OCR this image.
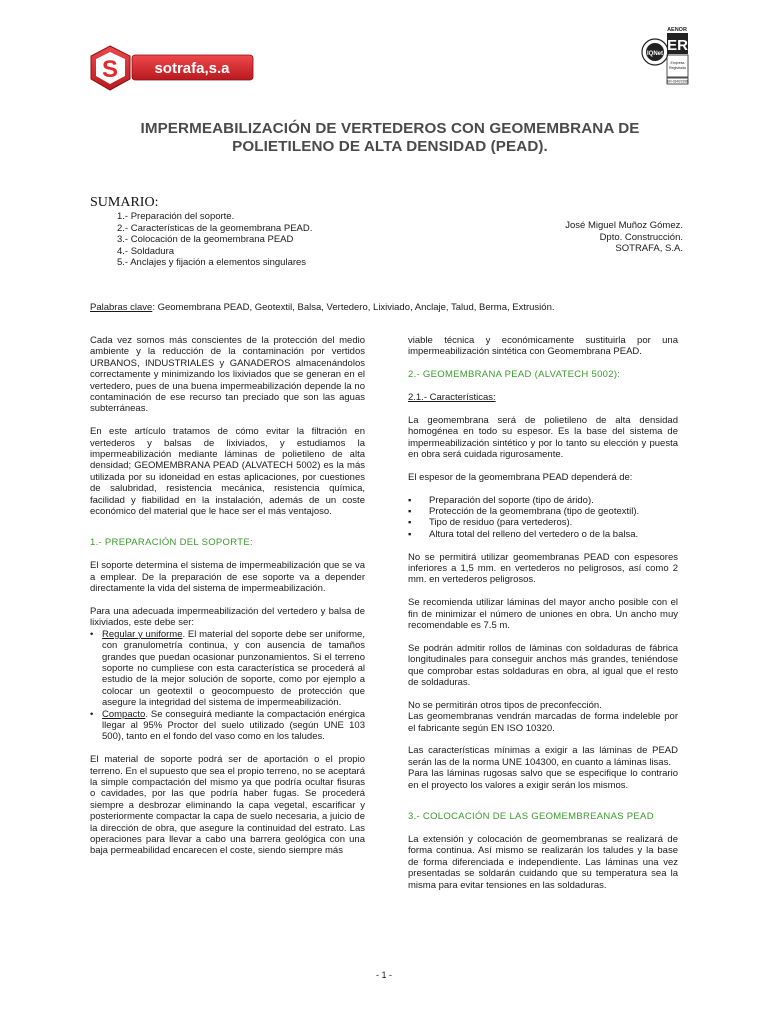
S sotrafa,s.a
IQNet
AENOR
ER
Empresa
Registrada
ER-0340/1998
IMPERMEABILIZACIÓN DE VERTEDEROS CON GEOMEMBRANA DE POLIETILENO DE ALTA DENSIDAD (PEAD).
SUMARIO:
1.- Preparación del soporte.
2.- Características de la geomembrana PEAD.
3.- Colocación de la geomembrana PEAD
4.- Soldadura
5.- Anclajes y fijación a elementos singulares
José Miguel Muñoz Gómez.
Dpto. Construcción.
SOTRAFA, S.A.
Palabras clave: Geomembrana PEAD, Geotextil, Balsa, Vertedero, Lixiviado, Anclaje, Talud, Berma, Extrusión.

Cada vez somos más conscientes de la protección del medio ambiente y la reducción de la contaminación por vertidos URBANOS, INDUSTRIALES y GANADEROS almacenándolos correctamente y minimizando los lixiviados que se generan en el vertedero, pues de una buena impermeabilización depende la no contaminación de ese recurso tan preciado que son las aguas subterráneas.

En este artículo tratamos de cómo evitar la filtración en vertederos y balsas de lixiviados, y estudiamos la impermeabilización mediante láminas de polietileno de alta densidad; GEOMEMBRANA PEAD (ALVATECH 5002) es la más utilizada por su idoneidad en estas aplicaciones, por cuestiones de salubridad, resistencia mecánica, resistencia química, facilidad y fiabilidad en la instalación, además de un coste económico del material que le hace ser el más ventajoso.

1.- PREPARACIÓN DEL SOPORTE:

El soporte determina el sistema de impermeabilización que se va a emplear. De la preparación de ese soporte va a depender directamente la vida del sistema de impermeabilización.

Para una adecuada impermeabilización del vertedero y balsa de lixiviados, este debe ser:

• Regular y uniforme. El material del soporte debe ser uniforme, con granulometría continua, y con ausencia de tamaños grandes que puedan ocasionar punzonamientos. Si el terreno soporte no cumpliese con esta característica se procederá al estudio de la mejor solución de soporte, como por ejemplo a colocar un geotextil o geocompuesto de protección que asegure la integridad del sistema de impermeabilización.
• Compacto. Se conseguirá mediante la compactación enérgica llegar al 95% Proctor del suelo utilizado (según UNE 103 500), tanto en el fondo del vaso como en los taludes.

El material de soporte podrá ser de aportación o el propio terreno. En el supuesto que sea el propio terreno, no se aceptará la simple compactación del mismo ya que podría ocultar fisuras o cavidades, por las que podría haber fugas. Se procederá siempre a desbrozar eliminando la capa vegetal, escarificar y posteriormente compactar la capa de suelo necesaria, a juicio de la dirección de obra, que asegure la continuidad del estrato. Las operaciones para llevar a cabo una barrera geológica con una baja permeabilidad encarecen el coste, siendo siempre más

viable técnica y económicamente sustituirla por una impermeabilización sintética con Geomembrana PEAD.

2.- GEOMEMBRANA PEAD (ALVATECH 5002):

2.1.- Características:

La geomembrana será de polietileno de alta densidad homogénea en todo su espesor. Es la base del sistema de impermeabilización sintético y por lo tanto su elección y puesta en obra será cuidada rigurosamente.

El espesor de la geomembrana PEAD dependerá de:

▪ Preparación del soporte (tipo de árido).
▪ Protección de la geomembrana (tipo de geotextil).
▪ Tipo de residuo (para vertederos).
▪ Altura total del relleno del vertedero o de la balsa.

No se permitirá utilizar geomembranas PEAD con espesores inferiores a 1,5 mm. en vertederos no peligrosos, así como 2 mm. en vertederos peligrosos.

Se recomienda utilizar láminas del mayor ancho posible con el fin de minimizar el número de uniones en obra. Un ancho muy recomendable es 7.5 m.

Se podrán admitir rollos de láminas con soldaduras de fábrica longitudinales para conseguir anchos más grandes, teniéndose que comprobar estas soldaduras en obra, al igual que el resto de soldaduras.

No se permitirán otros tipos de preconfección.

Las geomembranas vendrán marcadas de forma indeleble por el fabricante según EN ISO 10320.

Las características mínimas a exigir a las láminas de PEAD serán las de la norma UNE 104300, en cuanto a láminas lisas.

Para las láminas rugosas salvo que se especifique lo contrario en el proyecto los valores a exigir serán los mismos.

3.- COLOCACIÓN DE LAS GEOMEMBREANAS PEAD

La extensión y colocación de geomembranas se realizará de forma continua. Así mismo se realizarán los taludes y la base de forma diferenciada e independiente. Las láminas una vez presentadas se soldarán cuidando que su temperatura sea la misma para evitar tensiones en las soldaduras.

- 1 -
